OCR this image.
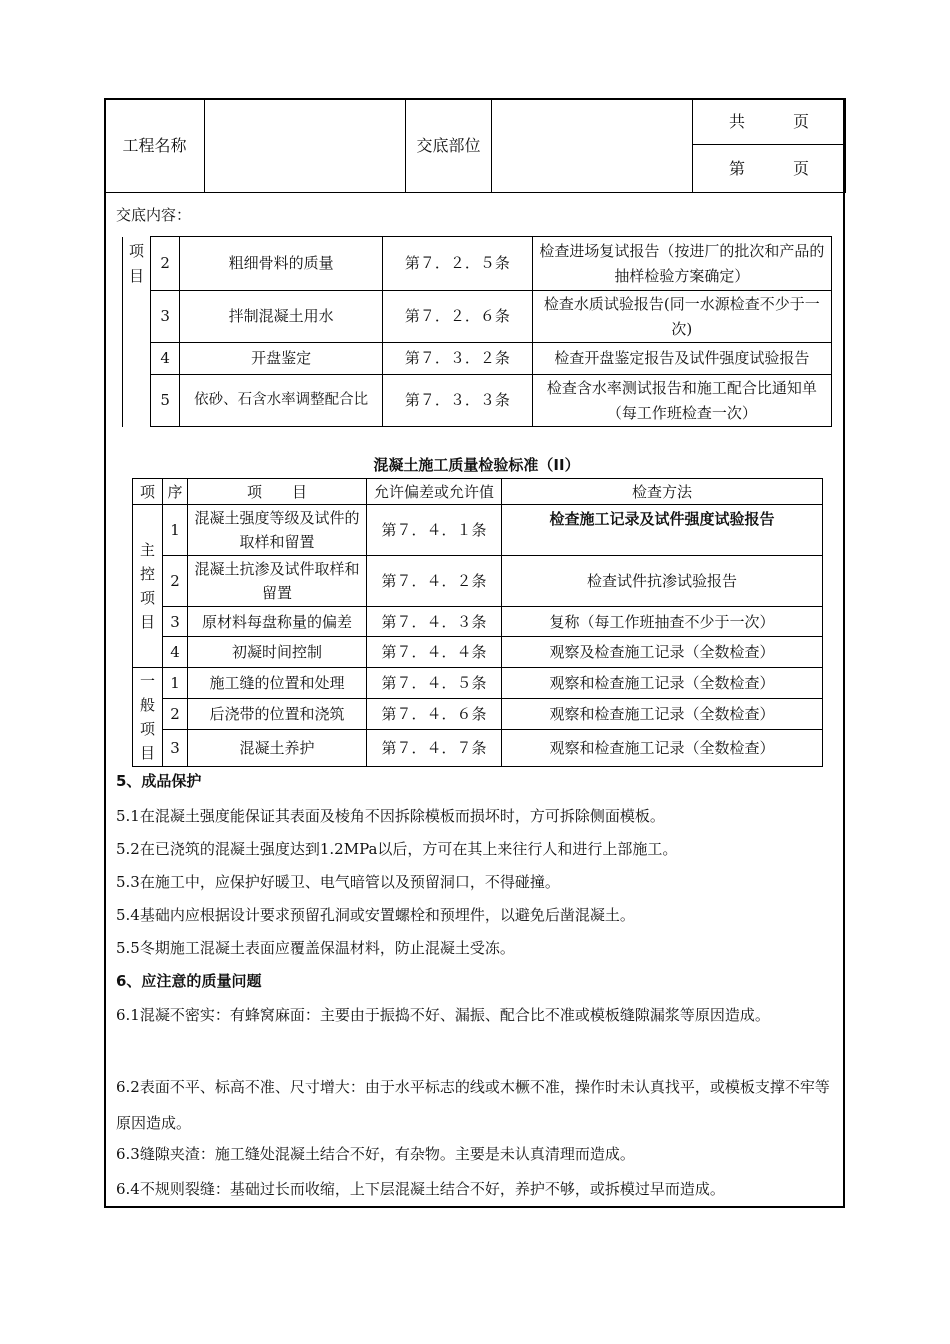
工程名称		交底部位		共　　　页
第　　　页
交底内容：
项目	2	粗细骨料的质量	第７．２．５条	检查进场复试报告（按进厂的批次和产品的抽样检验方案确定）
	3	拌制混凝土用水	第７．２．６条	检查水质试验报告(同一水源检查不少于一次)
	4	开盘鉴定	第７．３．２条	检查开盘鉴定报告及试件强度试验报告
	5	依砂、石含水率调整配合比	第７．３．３条	检查含水率测试报告和施工配合比通知单（每工作班检查一次）
混凝土施工质量检验标准（II）
项	序	项　　目	允许偏差或允许值	检查方法
主控项目	1	混凝土强度等级及试件的取样和留置	第７．４．１条	检查施工记录及试件强度试验报告
	2	混凝土抗渗及试件取样和留置	第７．４．２条	检查试件抗渗试验报告
	3	原材料每盘称量的偏差	第７．４．３条	复称（每工作班抽查不少于一次）
	4	初凝时间控制	第７．４．４条	观察及检查施工记录（全数检查）
一般项目	1	施工缝的位置和处理	第７．４．５条	观察和检查施工记录（全数检查）
	2	后浇带的位置和浇筑	第７．４．６条	观察和检查施工记录（全数检查）
	3	混凝土养护	第７．４．７条	观察和检查施工记录（全数检查）
5、成品保护
5.1在混凝土强度能保证其表面及棱角不因拆除模板而损坏时，方可拆除侧面模板。
5.2在已浇筑的混凝土强度达到1.2MPa以后，方可在其上来往行人和进行上部施工。
5.3在施工中，应保护好暖卫、电气暗管以及预留洞口，不得碰撞。
5.4基础内应根据设计要求预留孔洞或安置螺栓和预埋件，以避免后凿混凝土。
5.5冬期施工混凝土表面应覆盖保温材料，防止混凝土受冻。
6、应注意的质量问题
6.1混凝不密实：有蜂窝麻面：主要由于振捣不好、漏振、配合比不准或模板缝隙漏浆等原因造成。
6.2表面不平、标高不准、尺寸增大：由于水平标志的线或木橛不准，操作时未认真找平，或模板支撑不牢等原因造成。
6.3缝隙夹渣：施工缝处混凝土结合不好，有杂物。主要是未认真清理而造成。
6.4不规则裂缝：基础过长而收缩，上下层混凝土结合不好，养护不够，或拆模过早而造成。
